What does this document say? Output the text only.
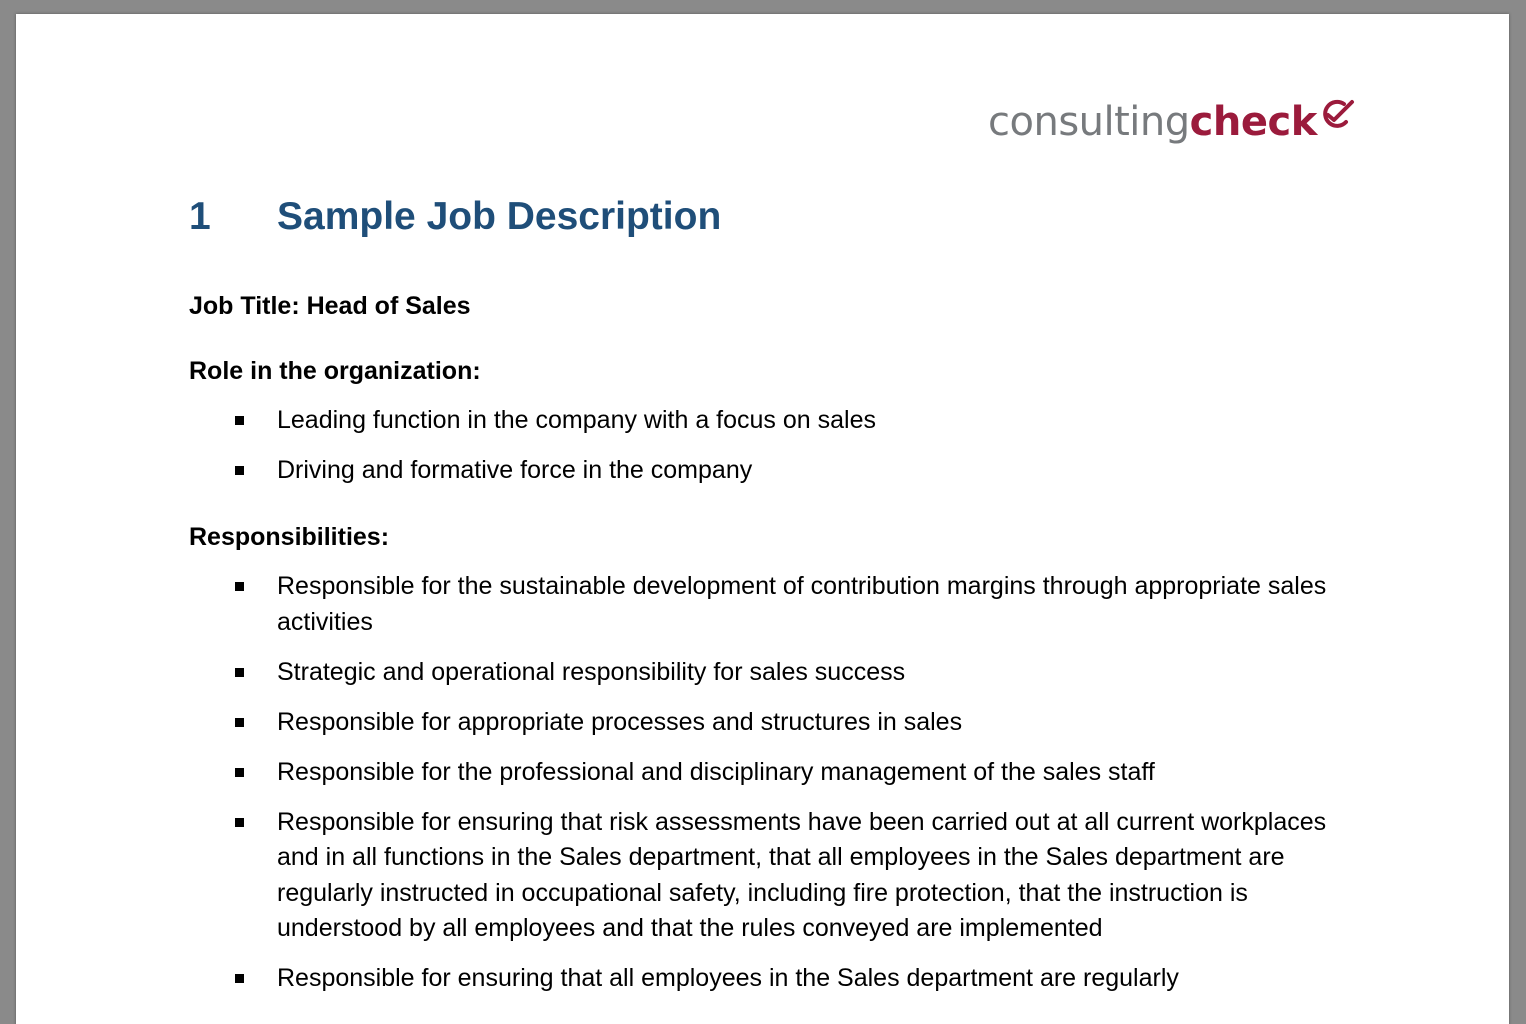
consulting check
1	Sample Job Description
Job Title: Head of Sales
Role in the organization:
Leading function in the company with a focus on sales
Driving and formative force in the company
Responsibilities:
Responsible for the sustainable development of contribution margins through appropriate sales activities
Strategic and operational responsibility for sales success
Responsible for appropriate processes and structures in sales
Responsible for the professional and disciplinary management of the sales staff
Responsible for ensuring that risk assessments have been carried out at all current workplaces and in all functions in the Sales department, that all employees in the Sales department are regularly instructed in occupational safety, including fire protection, that the instruction is understood by all employees and that the rules conveyed are implemented
Responsible for ensuring that all employees in the Sales department are regularly
